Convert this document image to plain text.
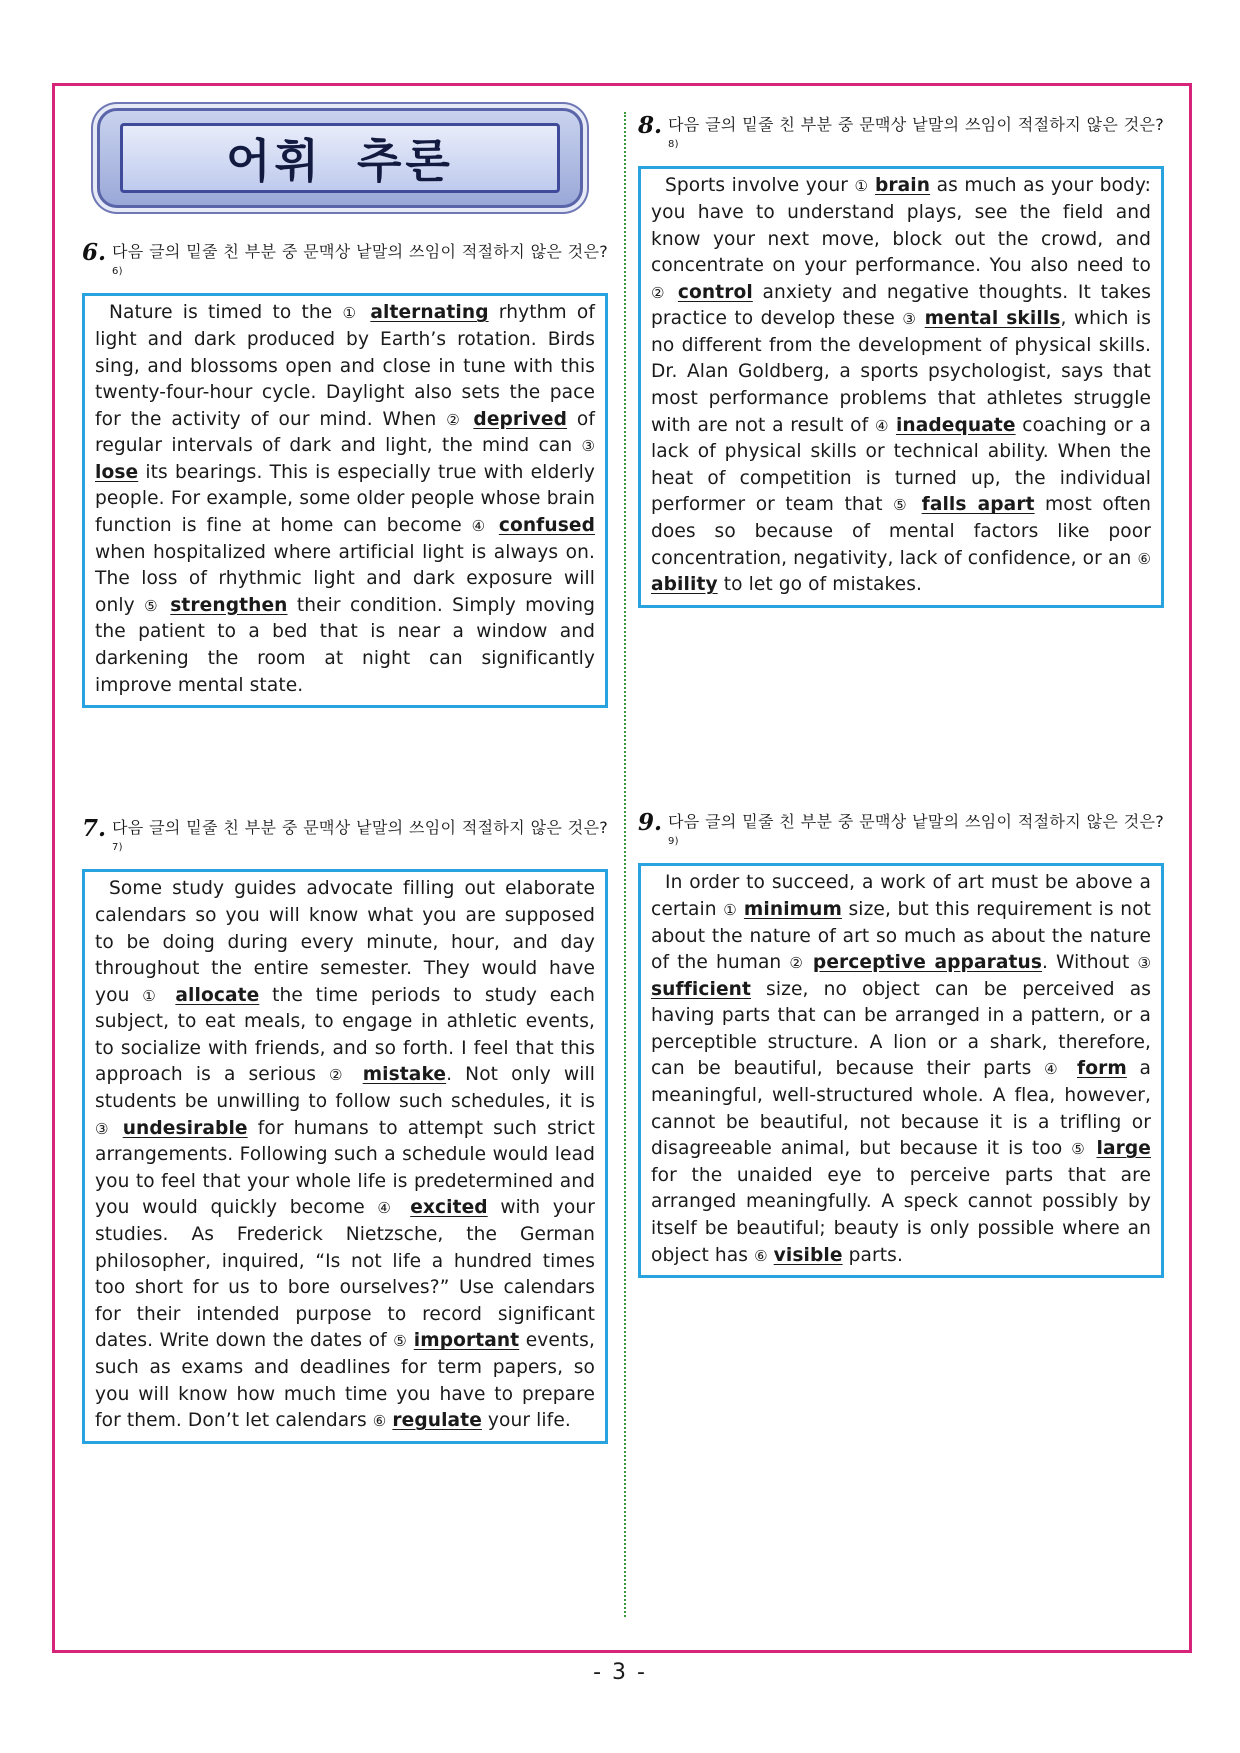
어휘 추론
6. 다음 글의 밑줄 친 부분 중 문맥상 낱말의 쓰임이 적절하지 않은 것은?$^{6)}$
Nature is timed to the ① alternating rhythm of light and dark produced by Earth’s rotation. Birds sing, and blossoms open and close in tune with this twenty-four-hour cycle. Daylight also sets the pace for the activity of our mind. When ② deprived of regular intervals of dark and light, the mind can ③ lose its bearings. This is especially true with elderly people. For example, some older people whose brain function is fine at home can become ④ confused when hospitalized where artificial light is always on. The loss of rhythmic light and dark exposure will only ⑤ strengthen their condition. Simply moving the patient to a bed that is near a window and darkening the room at night can significantly improve mental state.
7. 다음 글의 밑줄 친 부분 중 문맥상 낱말의 쓰임이 적절하지 않은 것은?$^{7)}$
Some study guides advocate filling out elaborate calendars so you will know what you are supposed to be doing during every minute, hour, and day throughout the entire semester. They would have you ① allocate the time periods to study each subject, to eat meals, to engage in athletic events, to socialize with friends, and so forth. I feel that this approach is a serious ② mistake. Not only will students be unwilling to follow such schedules, it is ③ undesirable for humans to attempt such strict arrangements. Following such a schedule would lead you to feel that your whole life is predetermined and you would quickly become ④ excited with your studies. As Frederick Nietzsche, the German philosopher, inquired, “Is not life a hundred times too short for us to bore ourselves?” Use calendars for their intended purpose to record significant dates. Write down the dates of ⑤ important events, such as exams and deadlines for term papers, so you will know how much time you have to prepare for them. Don’t let calendars ⑥ regulate your life.
8. 다음 글의 밑줄 친 부분 중 문맥상 낱말의 쓰임이 적절하지 않은 것은?$^{8)}$
Sports involve your ① brain as much as your body: you have to understand plays, see the field and know your next move, block out the crowd, and concentrate on your performance. You also need to ② control anxiety and negative thoughts. It takes practice to develop these ③ mental skills, which is no different from the development of physical skills. Dr. Alan Goldberg, a sports psychologist, says that most performance problems that athletes struggle with are not a result of ④ inadequate coaching or a lack of physical skills or technical ability. When the heat of competition is turned up, the individual performer or team that ⑤ falls apart most often does so because of mental factors like poor concentration, negativity, lack of confidence, or an ⑥ ability to let go of mistakes.
9. 다음 글의 밑줄 친 부분 중 문맥상 낱말의 쓰임이 적절하지 않은 것은?$^{9)}$
In order to succeed, a work of art must be above a certain ① minimum size, but this requirement is not about the nature of art so much as about the nature of the human ② perceptive apparatus. Without ③ sufficient size, no object can be perceived as having parts that can be arranged in a pattern, or a perceptible structure. A lion or a shark, therefore, can be beautiful, because their parts ④ form a meaningful, well-structured whole. A flea, however, cannot be beautiful, not because it is a trifling or disagreeable animal, but because it is too ⑤ large for the unaided eye to perceive parts that are arranged meaningfully. A speck cannot possibly by itself be beautiful; beauty is only possible where an object has ⑥ visible parts.
- 3 -
